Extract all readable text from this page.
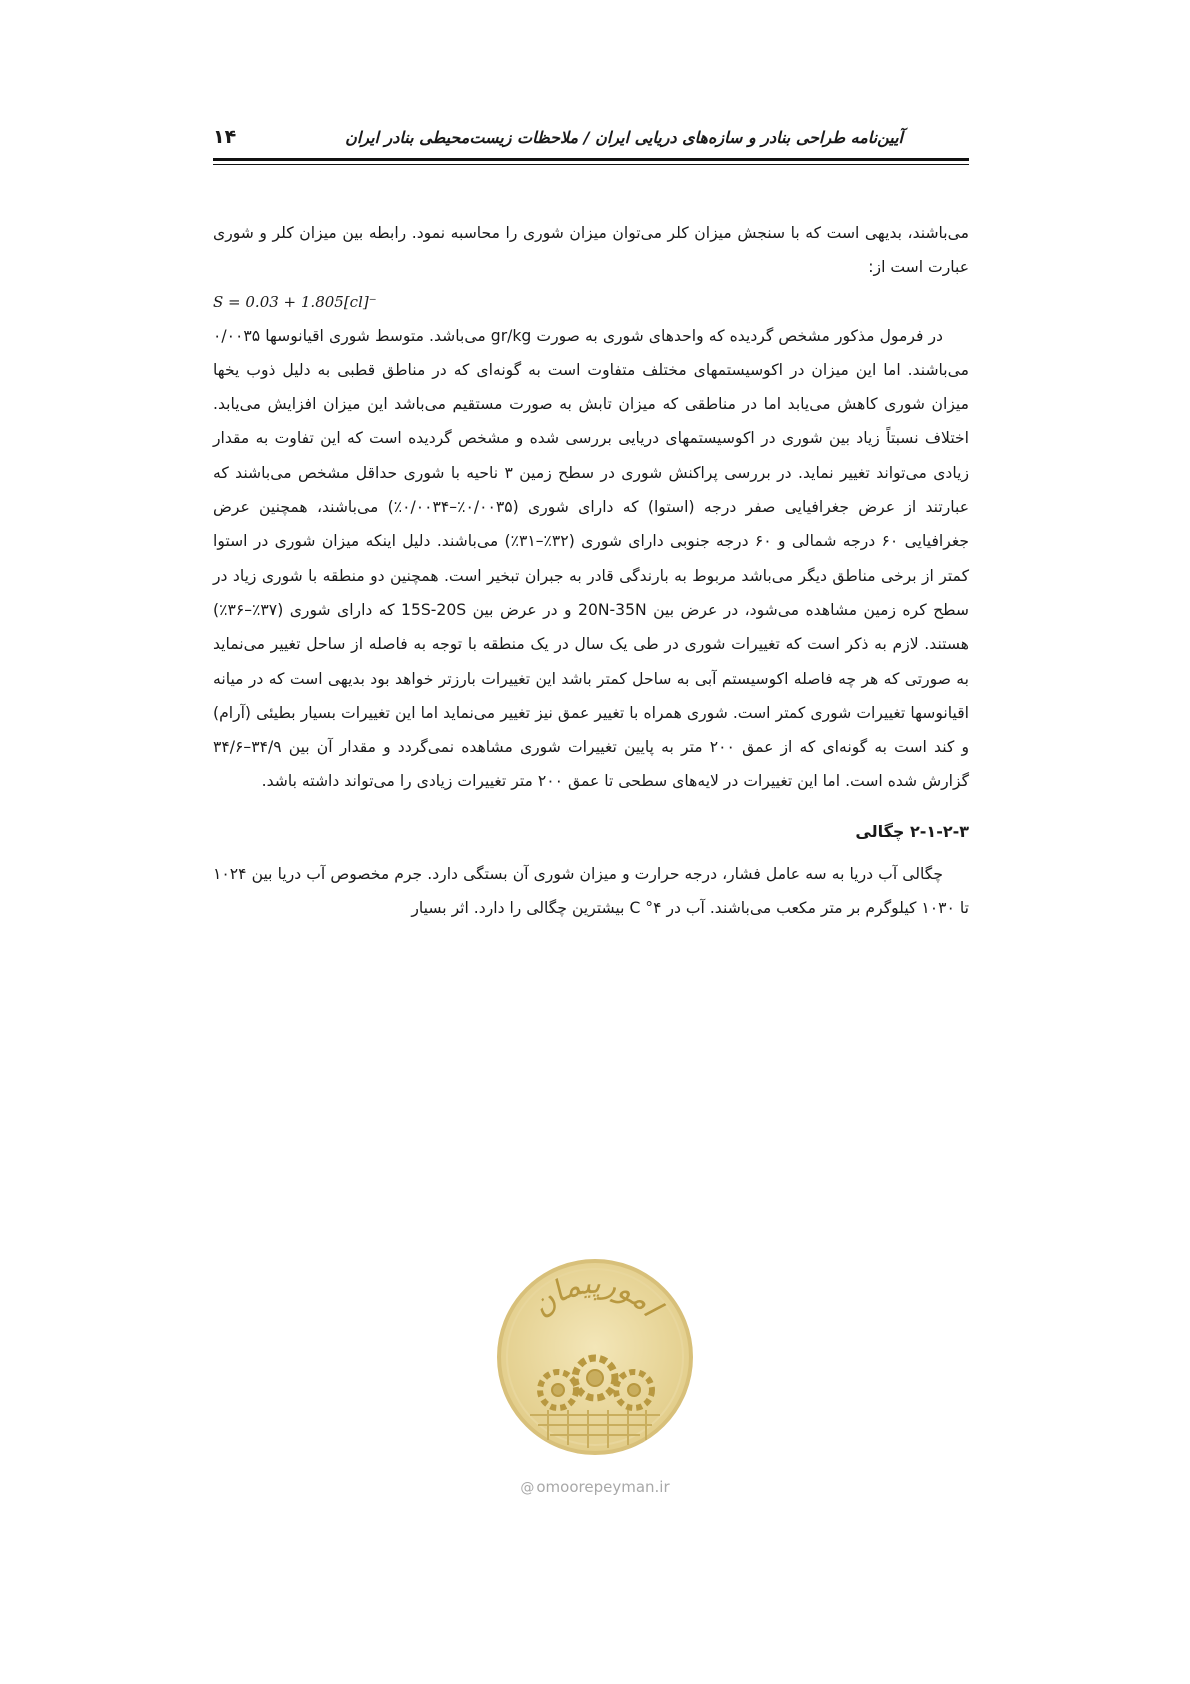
آیین‌نامه طراحی بنادر و سازه‌های دریایی ایران / ملاحظات زیست‌محیطی بنادر ایران
۱۴

می‌باشند، بدیهی است که با سنجش میزان کلر می‌توان میزان شوری را محاسبه نمود. رابطه بین میزان کلر و شوری عبارت است از:

S = 0.03 + 1.805[cl]⁻

در فرمول مذکور مشخص گردیده که واحدهای شوری به صورت gr/kg می‌باشد. متوسط شوری اقیانوسها ۰/۰۰۳۵ می‌باشند. اما این میزان در اکوسیستمهای مختلف متفاوت است به گونه‌ای که در مناطق قطبی به دلیل ذوب یخها میزان شوری کاهش می‌یابد اما در مناطقی که میزان تابش به صورت مستقیم می‌باشد این میزان افزایش می‌یابد. اختلاف نسبتاً زیاد بین شوری در اکوسیستمهای دریایی بررسی شده و مشخص گردیده است که این تفاوت به مقدار زیادی می‌تواند تغییر نماید. در بررسی پراکنش شوری در سطح زمین ۳ ناحیه با شوری حداقل مشخص می‌باشند که عبارتند از عرض جغرافیایی صفر درجه (استوا) که دارای شوری (۰/۰۰۳۵٪–۰/۰۰۳۴٪) می‌باشند، همچنین عرض جغرافیایی ۶۰ درجه شمالی و ۶۰ درجه جنوبی دارای شوری (۳۲٪–۳۱٪) می‌باشند. دلیل اینکه میزان شوری در استوا کمتر از برخی مناطق دیگر می‌باشد مربوط به بارندگی قادر به جبران تبخیر است. همچنین دو منطقه با شوری زیاد در سطح کره زمین مشاهده می‌شود، در عرض بین 20N-35N و در عرض بین 15S-20S که دارای شوری (۳۷٪–۳۶٪) هستند. لازم به ذکر است که تغییرات شوری در طی یک سال در یک منطقه با توجه به فاصله از ساحل تغییر می‌نماید به صورتی که هر چه فاصله اکوسیستم آبی به ساحل کمتر باشد این تغییرات بارزتر خواهد بود بدیهی است که در میانه اقیانوسها تغییرات شوری کمتر است. شوری همراه با تغییر عمق نیز تغییر می‌نماید اما این تغییرات بسیار بطیئی (آرام) و کند است به گونه‌ای که از عمق ۲۰۰ متر به پایین تغییرات شوری مشاهده نمی‌گردد و مقدار آن بین ۳۴/۹–۳۴/۶ گزارش شده است. اما این تغییرات در لایه‌های سطحی تا عمق ۲۰۰ متر تغییرات زیادی را می‌تواند داشته باشد.

۲-۱-۲-۳ چگالی

چگالی آب دریا به سه عامل فشار، درجه حرارت و میزان شوری آن بستگی دارد. جرم مخصوص آب دریا بین ۱۰۲۴ تا ۱۰۳۰ کیلوگرم بر متر مکعب می‌باشند. آب در ۴° C بیشترین چگالی را دارد. اثر بسیار

امورپیمان
@ omoorepeyman.ir
